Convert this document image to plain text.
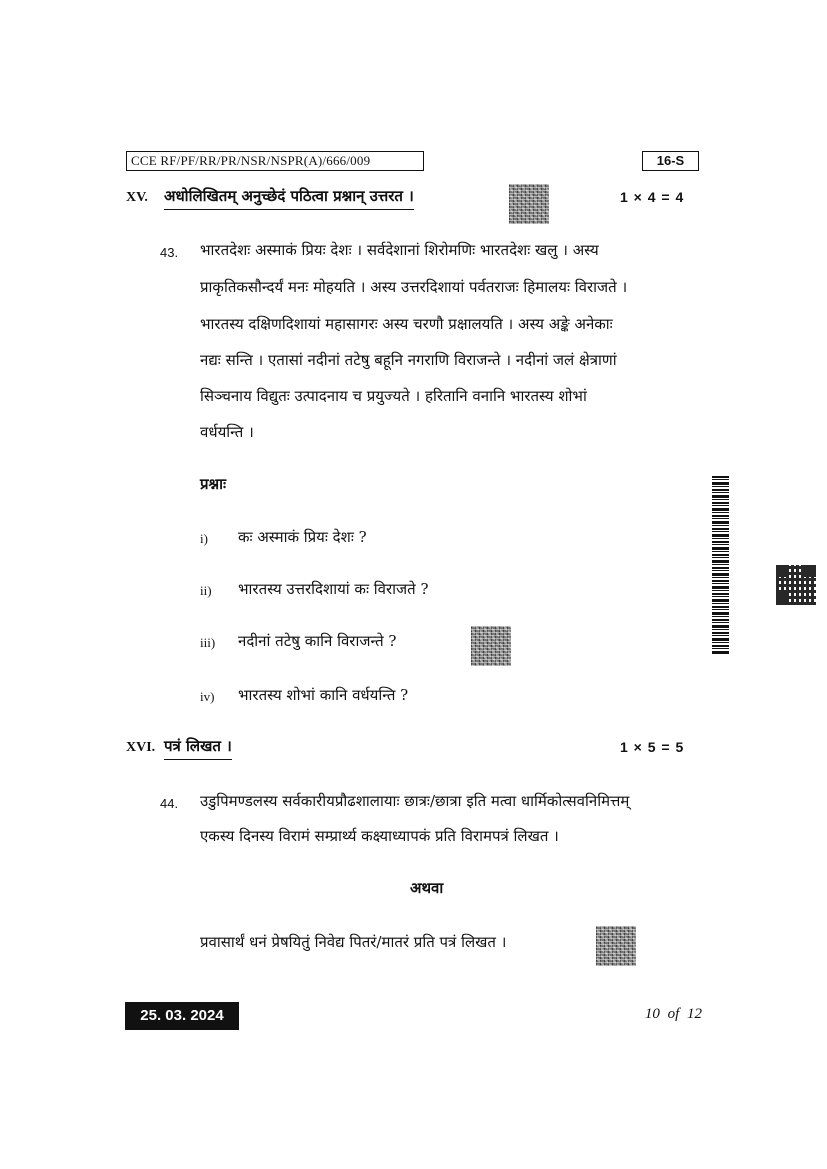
CCE RF/PF/RR/PR/NSR/NSPR(A)/666/009	16-S
XV. अधोलिखितम् अनुच्छेदं पठित्वा प्रश्नान् उत्तरत ।	1 × 4 = 4
43. भारतदेशः अस्माकं प्रियः देशः । सर्वदेशानां शिरोमणिः भारतदेशः खलु । अस्य
प्राकृतिकसौन्दर्यं मनः मोहयति । अस्य उत्तरदिशायां पर्वतराजः हिमालयः विराजते ।
भारतस्य दक्षिणदिशायां महासागरः अस्य चरणौ प्रक्षालयति । अस्य अङ्के अनेकाः
नद्यः सन्ति । एतासां नदीनां तटेषु बहूनि नगराणि विराजन्ते । नदीनां जलं क्षेत्राणां
सिञ्चनाय विद्युतः उत्पादनाय च प्रयुज्यते । हरितानि वनानि भारतस्य शोभां
वर्धयन्ति ।
प्रश्नाः
i) कः अस्माकं प्रियः देशः ?
ii) भारतस्य उत्तरदिशायां कः विराजते ?
iii) नदीनां तटेषु कानि विराजन्ते ?
iv) भारतस्य शोभां कानि वर्धयन्ति ?
XVI. पत्रं लिखत ।	1 × 5 = 5
44. उडुपिमण्डलस्य सर्वकारीयप्रौढशालायाः छात्रः/छात्रा इति मत्वा धार्मिकोत्सवनिमित्तम्
एकस्य दिनस्य विरामं सम्प्रार्थ्य कक्ष्याध्यापकं प्रति विरामपत्रं लिखत ।
अथवा
प्रवासार्थं धनं प्रेषयितुं निवेद्य पितरं/मातरं प्रति पत्रं लिखत ।
25. 03. 2024	10 of 12
